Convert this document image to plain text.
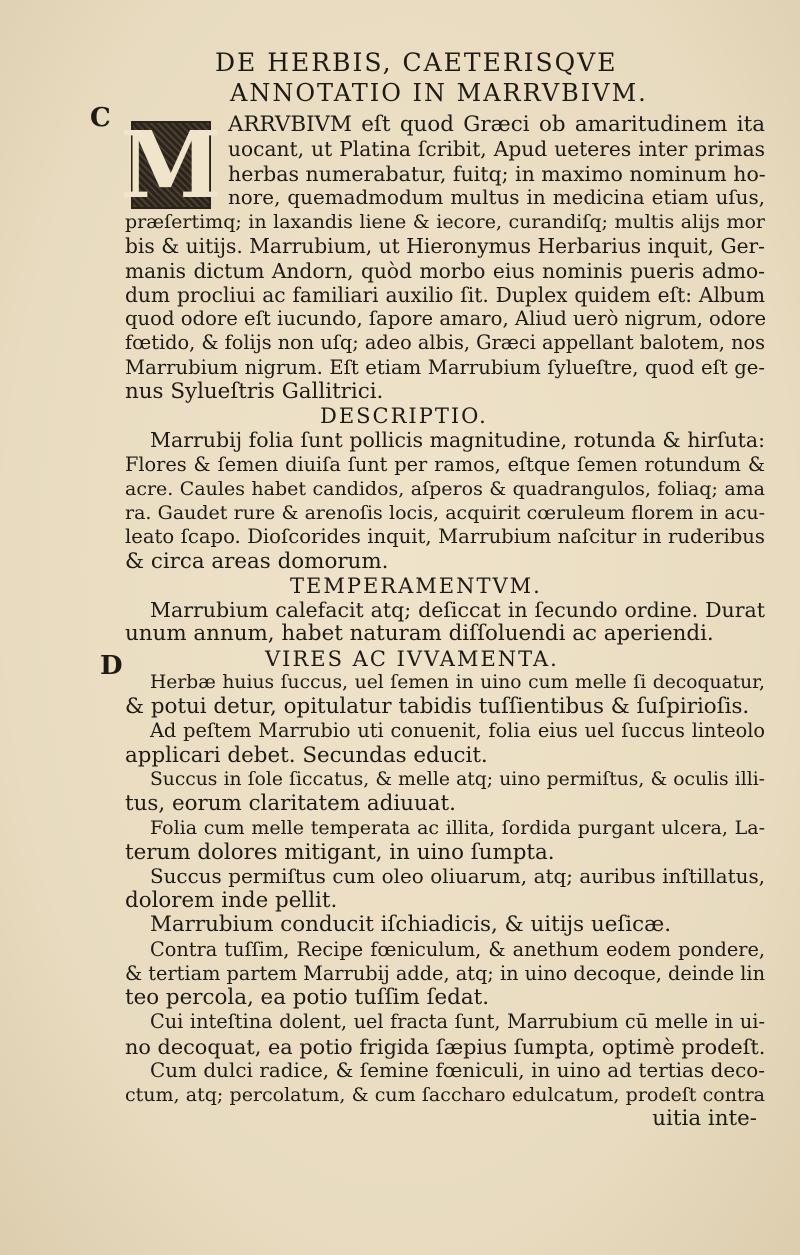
DE HERBIS, CAETERISQVE
ANNOTATIO IN MARRVBIVM.
C
D
M ARRVBIVM eſt quod Græci ob amaritudinem ita
uocant, ut Platina ſcribit, Apud ueteres inter primas
herbas numerabatur, fuitq; in maximo nominum ho-
nore, quemadmodum multus in medicina etiam uſus,
præſertimq; in laxandis liene & iecore, curandiſq; multis alijs mor
bis & uitijs. Marrubium, ut Hieronymus Herbarius inquit, Ger-
manis dictum Andorn, quòd morbo eius nominis pueris admo-
dum procliui ac familiari auxilio ſit. Duplex quidem eſt: Album
quod odore eſt iucundo, ſapore amaro, Aliud uerò nigrum, odore
fœtido, & folijs non uſq; adeo albis, Græci appellant balotem, nos
Marrubium nigrum. Eſt etiam Marrubium ſylueſtre, quod eſt ge-
nus Sylueſtris Gallitrici.
DESCRIPTIO.
Marrubij folia ſunt pollicis magnitudine, rotunda & hirſuta:
Flores & ſemen diuiſa ſunt per ramos, eſtque ſemen rotundum &
acre. Caules habet candidos, aſperos & quadrangulos, foliaq; ama
ra. Gaudet rure & arenoſis locis, acquirit cœruleum florem in acu-
leato ſcapo. Dioſcorides inquit, Marrubium naſcitur in ruderibus
& circa areas domorum.
TEMPERAMENTVM.
Marrubium calefacit atq; deſiccat in ſecundo ordine. Durat
unum annum, habet naturam diſſoluendi ac aperiendi.
VIRES AC IVVAMENTA.
Herbæ huius ſuccus, uel ſemen in uino cum melle ſi decoquatur,
& potui detur, opitulatur tabidis tuſſientibus & ſuſpirioſis.
Ad peſtem Marrubio uti conuenit, folia eius uel ſuccus linteolo
applicari debet. Secundas educit.
Succus in ſole ſiccatus, & melle atq; uino permiſtus, & oculis illi-
tus, eorum claritatem adiuuat.
Folia cum melle temperata ac illita, ſordida purgant ulcera, La-
terum dolores mitigant, in uino ſumpta.
Succus permiſtus cum oleo oliuarum, atq; auribus inſtillatus,
dolorem inde pellit.
Marrubium conducit iſchiadicis, & uitijs ueſicæ.
Contra tuſſim, Recipe fœniculum, & anethum eodem pondere,
& tertiam partem Marrubij adde, atq; in uino decoque, deinde lin
teo percola, ea potio tuſſim ſedat.
Cui inteſtina dolent, uel fracta ſunt, Marrubium cū melle in ui-
no decoquat, ea potio frigida ſæpius ſumpta, optimè prodeſt.
Cum dulci radice, & ſemine fœniculi, in uino ad tertias deco-
ctum, atq; percolatum, & cum ſaccharo edulcatum, prodeſt contra
uitia inte-
